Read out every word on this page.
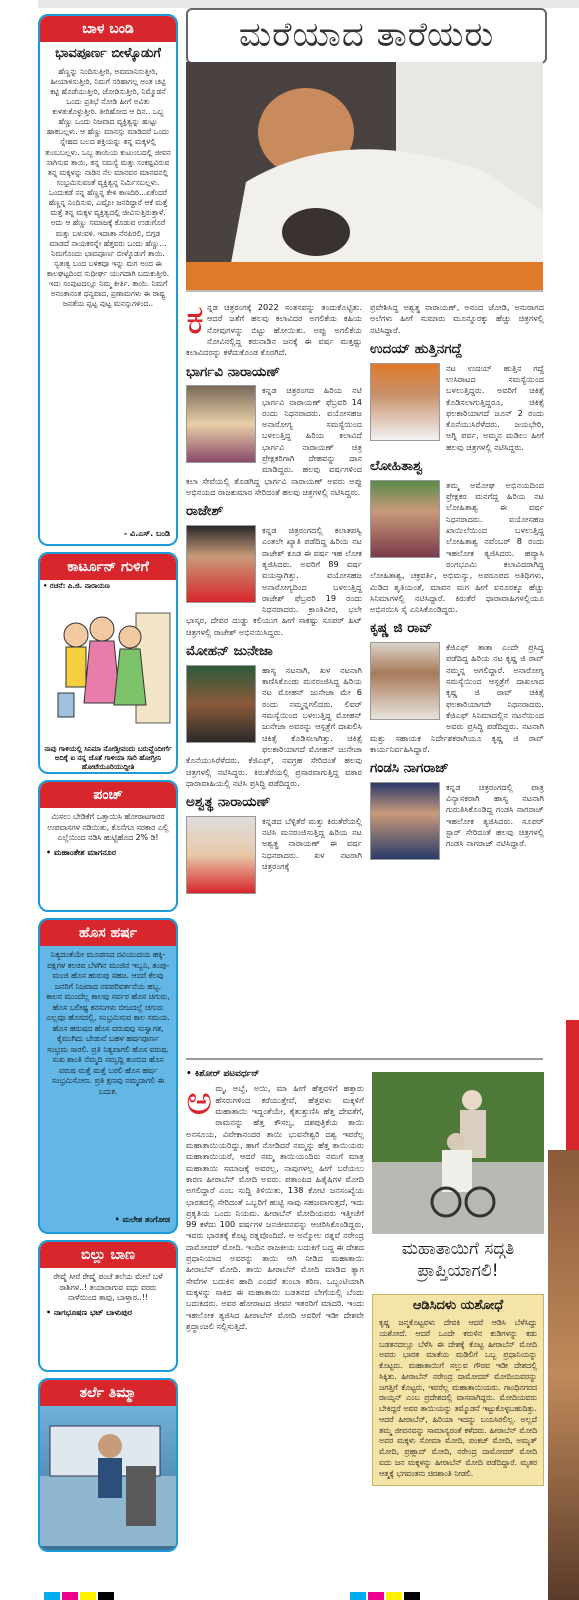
ಬಾಳ ಬಂಡಿ
ಭಾವಪೂರ್ಣ ಬೀಳ್ಕೊಡುಗೆ
ಹೆಣ್ಣನ್ನು ನಿಂದಿಸುತ್ತೀರಿ, ಅವಮಾನಿಸುತ್ತೀರಿ, ಹೀಯಾಳಿಸುತ್ತೀರಿ, ನಿಮಗೆ ಸರಿಹಾಗಲ್ಲ ಅಂತ ಚಟ್ಟಿ ಕಟ್ಟಿ ಹೊಡೆಯುತ್ತೀರಿ, ಜೋಡಿಸುತ್ತೀರಿ, ನಿಮ್ಮೊಡನೆ ಒಂದು ಪ್ರತಿಭೆ ನೋಡಿ ಹೀಗೆ ಅವಿತು ಕುಳಿತುಕೊಳ್ಳುತ್ತೀರಿ. ತೀರಿಹೋದ ಆ ದಿನ.. ಒಬ್ಬ ಹೆಣ್ಣು ಒಂದು ನಿಜವಾದ ವ್ಯಕ್ತಿತ್ವನ್ನು ಹುಟ್ಟು ಹಾಕಬಲ್ಲಳು. ಆ ಹೆಣ್ಣು ಮಾನಸ್ಸು ಮಾಡಿದರೆ ಒಂದು ಸ್ನೇಹದ ಬಲದ ಶಕ್ತಿಯನ್ನು ತನ್ನ ಮಕ್ಕಳಲ್ಲಿ ತುಂಬಬಲ್ಲಳು. ಒಬ್ಬ ತಾಯಿಯ ಕುಟುಂಬದಲ್ಲಿ ಜೀವನ ಸಾಗಿಸುವ ತಾಯಿ, ತನ್ನ ಸಮಸ್ಯೆ ಮತ್ತು ಸಂಕಷ್ಟವಿರುವ ತನ್ನ ಮಕ್ಕಳನ್ನು ನಾಡಿನ ನೆಲ ಮಾನವನ ಮಾನವನಲ್ಲಿ ಸಂಭ್ರಮಿಸುವಂತೆ ವ್ಯಕ್ತಿತ್ವನ್ನ ನಿರ್ಮಿಸಬಲ್ಲಳು. ಒಂದುಕಡೆ ನನ್ನ ಹೆಣ್ಣನ್ನ ಕೇಳಿ ಕಾಣದಿರಿ...ಏಕೆಂದರೆ ಹೆಣ್ಣನ್ನ ನಿಂದಿಸುವ, ಎಷ್ಟೋ ಜನರಿದ್ದಾರೆ ಆಕೆ ಮತ್ತೆ ಮತ್ತೆ ತನ್ನ ಮಕ್ಕಳ ವ್ಯಕ್ತಿತ್ವದಲ್ಲಿ ಜೀವಿಸುತ್ತಿರುತ್ತಾಳೆ. ಅದು ಆ ಹೆಣ್ಣು ಸಮಾಜಕ್ಕೆ ಕೊಡುವ ಉಡುಗೊರೆ ಮತ್ತು ಬಳುವಳಿ. ಇದಾತಾ ನೆನಪಿರಲಿ, ಬಿಗ್ಗಡ ಮಾಡದೆ ನಾಯಕರನ್ನೇ ಹೆತ್ತವರು ಒಂದು ಹೆಣ್ಣು... ನಿಮಗೊಂದು ಭಾವಪೂರ್ಣ ಬೀಳ್ಕೊಡುಗೆ ತಾಯಿ. ಸ್ವತಃತ್ವ ಬಂದ ಬಳಿಕವೂ ಇನ್ನು ಮಗ ಅಂದ ಈ ಕಾಲಘಟ್ಟದಿಂದ ಸುಧೀರ್ಘ ಯುಗದಾಗಿ ಬದುಕುತ್ತೀರಿ. ಇದು ಸಂಪುಟದಲ್ಲೂ ನಿಮ್ಮ ಕೀರ್ತಿ. ತಾಯಿ. ನಿಮಗೆ ಅನಂತಾನಂತ ಧನ್ಯವಾದ, ಪ್ರಣಾಮಗಳು ಈ ರಾಷ್ಟ್ರ ಜನತೆಯ ಪ್ಪಟ್ಟ ಪುಟ್ಟ ಮನಸ್ಸುಗಳಿಂದ..
- ವಿ.ಎಸ್. ಬಂಡಿ
ಕಾರ್ಟೂನ್ ಗುಳಿಗೆ
• ರಚನೆ: ಪಿ.ಜಿ. ನಾರಾಯಣ
ನಾವು ಗಾಳಿಯಲ್ಲಿ ಸಿನಿಮಾ ನೋಡ್ತೀವಂದು ಬರುವ್ಹೆಂದೀರ್ಗೆ ಅದಿಕ್ಕೆ ಐ ನನ್ನ ಜೊತೆ ಗಾಳಿಯಾ ಸಾರಿ ಹೋಗ್ತೀನಿ ಹೋಟೆಯೂರಿಯುದ್ದೀತಿ
ಪಂಚ್
ಮಿಸಲು ಬೇಡಿಕೆಗೆ ಒತ್ತಾಯಿಸಿ ಹೋರಾಟಗಾರರ ಉಪವಾಸಗಳ ನಡಿಯಿತು, ಕೊನೆಗೂ ಸರಕಾರ ಎಲ್ಲಿ ಎಲ್ಲೆಯಿಂದ ನಡಿಸಿ ಹುಟ್ಟಿಹೊದ 2% ಡಿ!
• ಮಹಾಂತೇಶ ಮಾಗನೂರ
ಹೊಸ ಹರ್ಷ
ನಿತ್ಯದಂತೆಯೇ ಮೂಡಣದ ರವಿಯುದಯ ಹಕ್ಕಿ-ಪಕ್ಷಿಗಳ ಕಲರವ ಬೆಳಗಿನ ಮಂಜಿನ ಇಬ್ಬನಿ, ತಂಪು-ಮಂಜಿ ಹೊಸ ಹುರುಪು ಸಹಜ. ಆದರೆ ಕೆಲವು ಜನರಿಗೆ ನಿಜವಾದ ನವಪರಿವರ್ತನೆಯ ಹಬ್ಬ. ಕಾಲನ ಮುಂದೆಲ್ಲ ಕಾಲವು ಸರ್ವರ ಹೊಸ ಚಿಗುರು, ಹೊಸ ಬಲೀಷ್ಟ ಕನಸುಗಳು ಬೀಜದಲ್ಲೆ ಚಿಗುರು ಎಲ್ಲವೂ ಹೊಸದಲ್ಲಿ, ಸಂಭ್ರಮಿಸುವ ಕಾಲ ಸಮಯ. ಹೊಸ ಹರುಷದ ಹೊಸ ವರುಷವು ಸುಸ್ವಾಗತ, ಕೈಮುಗಿದು ಬೇಡುವೆ ಬಹಳ ಹರ್ಷಪೂರ್ಣ ಸಂಭ್ರಮ ಸಾರಲಿ. ಪ್ರತಿ ನಿತ್ಯವಾಗಲಿ ಹೊಸ ವರುಷ. ಸುಖ ಶಾಂತಿ ನೆಮ್ಮದಿ ಸಮೃದ್ದಿ ತುಂಬಿದ ಹೊಸ ವರುಷ ಮತ್ತೆ ಮತ್ತೆ ಬರಲಿ ಹೊಸ ಹರ್ಷ ಸಂಭ್ರಮಿಸೋಣ. ಪ್ರತಿ ಕ್ಷಣವು ನಮ್ಮದಾಗಲಿ ಈ ಬದುಕ.
• ಮಲೇಶ ತಂಗೋಡ
ಬಿಲ್ಲು ಬಾಣ
ರೇಷ್ಮೆ ಸೀರೆ ರೇಷ್ಮೆ ಪಂಚೆ ತಲೆಯ ಮೇಲೆ ಬಳೆ ರಾಶಿಗಳ..! ತಯಾರಾಗುವ ವಧು ವರರು ನಾಳೆಯಿಂದ ತಾವು, ಬಾಳ್ತಾರ..!!
• ನಾಗಭೂಷಣ ಭಟ್ ಬಾಳುಪುರ
ತರ್ಲೆ ತಿಮ್ಮಾ
ಮರೆಯಾದ ತಾರೆಯರು
ಕ ನ್ನಡ ಚಿತ್ರರಂಗಕ್ಕೆ 2022 ಸಂತಸವನ್ನು ತಂದುಕೊಟ್ಟಿತು. ಆದರೆ ಜತೆಗೆ ಹಲವು ಕಲಾವಿದರ ಅಗಲಿಕೆಯ ಕಹಿಯ ನೋವುಗಳನ್ನು ಬಿಟ್ಟು ಹೋಯಿತು. ಅಪ್ಪು ಅಗಲಿಕೆಯ ನೋವಿನಲ್ಲಿದ್ದ ಕರುನಾಡಿನ ಜನಕ್ಕೆ ಈ ವರ್ಷ ಮತ್ತಷ್ಟು ಕಲಾವಿದರನ್ನು ಕಳೆದುಕೊಂಡ ಕೊರಗಿದೆ.
ಭಾರ್ಗವಿ ನಾರಾಯಣ್
ಕನ್ನಡ ಚಿತ್ರರಂಗದ ಹಿರಿಯ ನಟಿ ಭಾರ್ಗವಿ ನಾರಾಯಣ್ ಫೆಬ್ರವರಿ 14 ರಂದು ನಿಧನರಾದರು. ವಯೋಸಹಜ ಅನಾರೋಗ್ಯ ಸಮಸ್ಯೆಯಿಂದ ಬಳಲುತ್ತಿದ್ದ ಹಿರಿಯ ಕಲಾವಿದೆ ಭಾರ್ಗವಿ ನಾರಾಯಣ್ ಚಿತ್ರ ಪ್ರೇಕ್ಷಕರಿಗಾಗಿ ದೇಹವನ್ನು ದಾನ ಮಾಡಿದ್ದರು. ಹಲವು ವರ್ಷಗಳಿಂದ ಕಲಾ ಸೇವೆಯಲ್ಲಿ ತೊಡಗಿದ್ದ ಭಾರ್ಗವಿ ನಾರಾಯಣ್ ಅವರು ಅಪ್ಪು ಅಭಿನಯದ ರಾಜಕುಮಾರ ಸೇರಿದಂತೆ ಹಲವು ಚಿತ್ರಗಳಲ್ಲಿ ನಟಿಸಿದ್ದರು.
ರಾಜೇಶ್
ಕನ್ನಡ ಚಿತ್ರರಂಗದಲ್ಲಿ ಕಲಾತಪಸ್ವಿ ಎಂತಲೇ ಖ್ಯಾತಿ ಪಡೆದಿದ್ದ ಹಿರಿಯ ನಟ ರಾಜೇಶ್ ಕೂಡ ಈ ವರ್ಷ ಇಹ ಲೋಕ ತ್ಯಜಿಸಿದರು. ಅವರಿಗೆ 89 ವರ್ಷ ವಯಸ್ಸಾಗಿತ್ತು. ವಯೋಸಹಜ ಅನಾರೋಗ್ಯದಿಂದ ಬಳಲುತ್ತಿದ್ದ ರಾಜೇಶ್ ಫೆಬ್ರವರಿ 19 ರಂದು ನಿಧನರಾದರು. ಕ್ರಾಂತಿವೀರ, ಭಲೇ ಭಾಸ್ಕರ, ದೇವರ ದುಡ್ಡು ಕಲಿಯುಗ ಹೀಗೆ ಸಾಕಷ್ಟು ಸೂಪರ್ ಹಿಟ್ ಚಿತ್ರಗಳಲ್ಲಿ ರಾಜೇಶ್ ಅಭಿನಯಿಸಿದ್ದರು.
ಮೋಹನ್ ಜುನೇಜಾ
ಹಾಸ್ಯ ನಟನಾಗಿ, ಖಳ ನಟನಾಗಿ ಕಾಣಿಸಿಕೊಂಡು ಮನರಂಜಿಸಿದ್ದ ಹಿರಿಯ ನಟ ಮೋಹನ್ ಜುನೇಜಾ ಮೇ 6 ರಂದು ನಮ್ಮನ್ನಗಲಿದರು. ಲಿವರ್ ಸಮಸ್ಯೆಯಿಂದ ಬಳಲುತ್ತಿದ್ದ ಮೋಹನ್ ಜುನೇಜಾ ಅವರನ್ನು ಆಸ್ಪತ್ರೆಗೆ ದಾಖಲಿಸಿ ಚಿಕಿತ್ಸೆ ಕೊಡಿಸಲಾಗಿತ್ತು. ಚಿಕಿತ್ಸೆ ಫಲಕಾರಿಯಾಗದೆ ಮೋಹನ್ ಜುನೇಜಾ ಕೊನೆಯುಸಿರೆಳೆದರು. ಕೆಜಿಎಫ್, ನವಗ್ರಹ ಸೇರಿದಂತೆ ಹಲವು ಚಿತ್ರಗಳಲ್ಲಿ ನಟಿಸಿದ್ದರು. ಕಿರುತೆರೆಯಲ್ಲಿ ಪ್ರಸಾರವಾಗುತ್ತಿದ್ದ ವಠಾರ ಧಾರಾವಾಹಿಯಲ್ಲಿ ನಟಿಸಿ ಪ್ರಸಿದ್ಧಿ ಪಡೆದಿದ್ದರು.
ಅಶ್ವತ್ಥ ನಾರಾಯಣ್
ಕನ್ನಡದ ಬೆಳ್ಳಿತೆರೆ ಮತ್ತು ಕಿರುತೆರೆಯಲ್ಲಿ ನಟಿಸಿ ಮನರಂಜಿಸುತ್ತಿದ್ದ ಹಿರಿಯ ನಟ ಅಶ್ವತ್ಥ ನಾರಾಯಣ್ ಈ ವರ್ಷ ನಿಧನರಾದರು. ಖಳ ನಟರಾಗಿ ಚಿತ್ರರಂಗಕ್ಕೆ

ಪ್ರವೇಶಿಸಿದ್ದ ಅಶ್ವತ್ಥ ನಾರಾಯಣ್, ಅನಂದ ಜೋಡಿ, ಅನುರಾಗದ ಅಲೆಗಳು ಹೀಗೆ ಸುಮಾರು ಮೂನ್ನೂರಕ್ಕು ಹೆಚ್ಚು ಚಿತ್ರಗಳಲ್ಲಿ ನಟಿಸಿದ್ದಾರೆ.

ಉದಯ್ ಹುತ್ತಿನಗದ್ದೆ
ನಟ ಉದಯ್ ಹುತ್ತಿನ ಗದ್ದೆ ಉಸಿರಾಟದ ಸಮಸ್ಯೆಯಿಂದ ಬಳಲುತ್ತಿದ್ದರು. ಅವರಿಗೆ ಚಿಕಿತ್ಸೆ ಕೊಡಿಸಲಾಗುತ್ತಿದ್ದರೂ, ಚಿಕಿತ್ಸೆ ಫಲಕಾರಿಯಾಗದೆ ಜೂನ್ 2 ರಂದು ಕೊನೆಯುಸಿರೆಳೆದರು. ಜಯಭೇರಿ, ಅಗ್ನಿ ಪರ್ವ, ಅಮ್ಮನ ಮಡಿಲು ಹೀಗೆ ಹಲವು ಚಿತ್ರಗಳಲ್ಲಿ ನಟಿಸಿದ್ದರು.
ಲೋಹಿತಾಶ್ವ
ತಮ್ಮ ಅಮೋಘ ಅಭಿನಯದಿಂದ ಪ್ರೇಕ್ಷಕರ ಮನಗೆದ್ದ ಹಿರಿಯ ನಟ ಲೋಹಿತಾಶ್ವ ಈ ವರ್ಷ ನಿಧನರಾದರು. ವಯೋಸಹಜ ಖಾಯಿಲೆಯಿಂದ ಬಳಲುತ್ತಿದ್ದ ಲೋಹಿತಾಶ್ವ ನವೆಂಬರ್ 8 ರಂದು ಇಹಲೋಕ ತ್ಯಜಿಸಿದರು. ಹವ್ಯಾಸಿ ರಂಗಭೂಮಿ ಕಲಾವಿದರಾಗಿದ್ದ ಲೋಹಿತಾಶ್ವ, ಚಕ್ರವರ್ತಿ, ಅಭಿಮನ್ಯು, ಅಪರೂಪದ ಅತಿಥಿಗಳು, ಮಿಡಿದ ಶೃತಿಯಂತೆ, ಮಾವನ ಮಗ ಹೀಗೆ ಐನೂರಕ್ಕೂ ಹೆಚ್ಚು ಸಿನಿಮಾಗಳಲ್ಲಿ ನಟಿಸಿದ್ದಾರೆ. ಕಿರುತೆರೆ ಧಾರಾವಾಹಿಗಳಲ್ಲಿಯೂ ಅಭಿನಯಿಸಿ ಸೈ ಎನಿಸಿಕೊಂಡಿದ್ದರು.
ಕೃಷ್ಣ ಜಿ ರಾವ್
ಕೆಜಿಎಫ್ ತಾತಾ ಎಂದೇ ಪ್ರಸಿದ್ಧ ಪಡೆದಿದ್ದ ಹಿರಿಯ ನಟ ಕೃಷ್ಣ ಜಿ ರಾವ್ ನಮ್ಮನ್ನ ಅಗಲಿದ್ದಾರೆ. ಅನಾರೋಗ್ಯ ಸಮಸ್ಯೆಯಿಂದ ಆಸ್ಪತ್ರೆಗೆ ದಾಖಲಾದ ಕೃಷ್ಣ ಜಿ ರಾವ್ ಚಿಕಿತ್ಸೆ ಫಲಕಾರಿಯಾಗದೇ ನಿಧನರಾದರು. ಕೆಜಿಎಫ್ ಸಿನಿಮಾದಲ್ಲಿನ ನಟನೆಯಿಂದ ಅವರು ಪ್ರಸಿದ್ಧಿ ಪಡೆದಿದ್ದರು. ನಟನಾಗಿ ಮತ್ತು ಸಹಾಯಕ ನಿರ್ದೇಶಕರಾಗಿಯೂ ಕೃಷ್ಣ ಜಿ ರಾವ್ ಕಾರ್ಯನಿರ್ವಹಿಸಿದ್ದಾರೆ.
ಗಂಡಸಿ ನಾಗರಾಜ್
ಕನ್ನಡ ಚಿತ್ರರಂಗದಲ್ಲಿ ಪಾತ್ರ ವಿನ್ಯಾಸಕರಾಗಿ ಹಾಸ್ಯ ನಟನಾಗಿ ಗುರುತಿಸಿಕೊಂಡಿದ್ದ ಗಂಡಸಿ ನಾಗರಾಜ್ ಇಹಲೋಕ ತ್ಯಜಿಸಿದರು. ಸೂಪರ್ ಸ್ಟಾರ್ ಸೇರಿದಂತೆ ಹಲವು ಚಿತ್ರಗಳಲ್ಲಿ ಗಂಡಸಿ ನಾಗರಾಜ್ ನಟಿಸಿದ್ದಾರೆ.
• ಕಿಶೋರ್ ಪಟವರ್ಧನ್
ಅ ಮ್ಮ, ಅಬ್ಬೆ, ಅಯಿ, ಮಾ ಹೀಗೆ ಹೆತ್ತವಳಿಗೆ ಹತ್ತಾರು ಹೆಸರುಗಳಿಂದ ಕರೆಯುತ್ತೇವೆ, ಹೆತ್ತವಳು ಮಕ್ಕಳಿಗೆ ಮಹಾತಾಯಿ ಇದ್ದಂತೆಯೇ, ಕೈತುತ್ತುಣಿಸಿ ಹೆತ್ತ ದೇವತೆಗೆ, ರಾಮನನ್ನು ಹೆತ್ತ ಕೌಸಲ್ಯ, ದಶಪುತ್ರಿಕೆಯ ತಾಯಿ ಅನಸೂಯ, ವಿವೇಕಾನಂದರ ತಾಯಿ ಭುವನೇಶ್ವರಿ ದಶ್ವ ಇವರೆಲ್ಲ ಮಹಾತಾಯಿಯರಿದ್ದು, ಹಾಗೆ ನೋಡಿದರೆ ನಮ್ಮನ್ನು ಹೆತ್ತ ತಾಯಿಯರು ಮಹಾತಾಯಿಯರೆ, ಆದರೆ ನಮ್ಮ ತಾಯಿಯಂದಿರು ನಮಗೆ ಮಾತ್ರ ಮಹಾತಾಯಿ ಸಮಾಜಕ್ಕೆ ಅವರಲ್ಲ, ನಾವುಗಳಲ್ಲ ಹೀಗೆ ಬರೆಯಲು ಕಾರಣ ಹೀರಾಬೆನ್ ಮೋದಿ ಅವರು. ಪತಾಂಪಿದ ಹಿತೈಷಿಗಳ ಮೋದಿ ಅಗಲಿದ್ದಾರೆ ಎಂಬ ಸುದ್ದಿ ತಿಳಿಯಿತು, 138 ಕೋಟಿ ಜನಸಂಖ್ಯೆಯ ಭಾರತದಲ್ಲಿ ಸೇರಿದಂತೆ ಒಬ್ಬರಿಗೆ ಹುಟ್ಟಿ ಸಾವು ಸಹಜವಾಗುತ್ತದೆ, ಇದು ಪ್ರಕೃತಿಯ ಒಂದು ನಿಯಮ. ಹೀರಾಬೆನ್ ಮೋದಿಯವರು ಇತ್ತೀಚೆಗೆ 99 ಕಳೆದು 100 ವರ್ಷಗಳ ಜನಜೀವನವನ್ನು ಆಚರಿಸಿಕೊಂಡಿದ್ದರು, ಇವರು ಭಾರತಕ್ಕೆ ಕೊಟ್ಟ ರತ್ನವೊಂದಿದೆ. ಆ ಅನ್ಮೋಲ ರತ್ನವೆ ನರೇಂದ್ರ ದಾಮೋದರ್ ಮೋದಿ. ಇಂದಿನ ರಾಜಕೀಯ ಬದುಕಿಗೆ ಬದ್ದ ಈ ದೇಶದ ಪ್ರಧಾನಿಯಾದ ಅವರನ್ನು ತಾಯಿ ಆಗಿ ನೀಡಿದ ಮಹಾತಾಯಿ ಹೀರಾಬೆನ್ ಮೋದಿ. ತಾಯಿ ಹೀರಾಬೆನ್ ಮೋದಿ ಮಾಡಿದ ತ್ಯಾಗ ಸೇವೆಗಳ ಬದುಕಿನ ಹಾದಿ ಎಂದರೆ ತುಂಬಾ ಕಠಿಣ. ಒಬ್ಬಂಟಿಯಾಗಿ ಮಕ್ಕಳನ್ನು ಸಾಕಿದ ಈ ಮಹಾತಾಯಿ ಬಡತನದ ಬೇಗೆಯಲ್ಲಿ ಬೆಂದು ಬದುಕಿದರು. ಅವರ ಹೋರಾಟದ ಜೀವನ ಇತರರಿಗೆ ಮಾದರಿ. ಇಂದು ಇಹಲೋಕ ತ್ಯಜಿಸಿದ ಹೀರಾಬೆನ್ ಮೋದಿ ಅವರಿಗೆ ಇಡೀ ದೇಶವೇ ಶ್ರದ್ಧಾಂಜಲಿ ಸಲ್ಲಿಸುತ್ತಿದೆ.
ಮಹಾತಾಯಿಗೆ ಸದ್ಗತಿ ಪ್ರಾಪ್ತಿಯಾಗಲಿ!
ಆಡಿಸಿದಳು ಯಶೋಧೆ
ಕೃಷ್ಣ ಜನ್ಮಕೊಟ್ಟವಳು ದೇವಕಿ ಆದರೆ ಆಡಿಸಿ ಬೆಳೆಸಿದ್ದು ಯಶೋದೆ. ಆದರೆ ಒಂದೇ ಕರುಳಿನ ಕುಡಿಗಳನ್ನು ಕಡು ಬಡತನದಲ್ಲೂ ಬೆಳೆಸಿ ಈ ದೇಶಕ್ಕೆ ಕೊಟ್ಟ ಹೀರಾಬೆನ್ ಮೋದಿ ಅವರು ಭಾರತ ಮಾತೆಯ ಮಡಿಲಿಗೆ ಒಬ್ಬ ಪ್ರಧಾನಿಯನ್ನು ಕೊಟ್ಟರು. ಮಹಾತಾಯಿಗೆ ಸಲ್ಲುವ ಗೌರವ ಇಡೀ ದೇಶದಲ್ಲಿ ಸಿಕ್ಕಿತು. ಹೀರಾಬೆನ್ ನರೇಂದ್ರ ದಾಮೋದರ್ ಮೋದಿಯವರನ್ನು ಜಗತ್ತಿಗೆ ಕೊಟ್ಟರು, ಇವರೆಲ್ಲ ಮಹಾತಾಯಿಯರು. ಗಾಂಧಿನಗರದ ರಾಯ್ಸನ್ ಎಂಬ ಪ್ರದೇಶದಲ್ಲಿ ವಾಸವಾಗಿದ್ದರು. ಮೋದಿಯವರು ಬೇಕಿದ್ದರೆ ಅವರ ತಾಯಿಯನ್ನು ತಮ್ಮೊಡನೆ ಇಟ್ಟುಕೊಳ್ಳಬಹುದಿತ್ತು. ಆದರೆ ಹೀರಾಬೆನ್, ಹಿರಿಯಾ ಇದನ್ನು ಬಯಸಿರಲಿಲ್ಲ. ಅಲ್ಲದೆ ತಮ್ಮ ಜೀವನವನ್ನು ಸಾಮಾನ್ಯರಂತೆ ಕಳೆದರು. ಹೀರಾಬೆನ್ ಮೋದಿ ಅವರ ಮಕ್ಕಳು ಸೋಮಾ ಮೋದಿ, ಪಂಕಜ್ ಮೋದಿ, ಅಮೃತ್ ಮೋದಿ, ಪ್ರಹ್ಲಾದ್ ಮೋದಿ, ನರೇಂದ್ರ ದಾಮೋದರ್ ಮೋದಿ ಐದು ಜನ ಮಕ್ಕಳನ್ನು ಹೀರಾಬೆನ್ ಮೋದಿ ಪಡೆದಿದ್ದಾರೆ. ಮೃತರ ಆತ್ಮಕ್ಕೆ ಭಗವಂತನು ಚಿರಶಾಂತಿ ನೀಡಲಿ.
